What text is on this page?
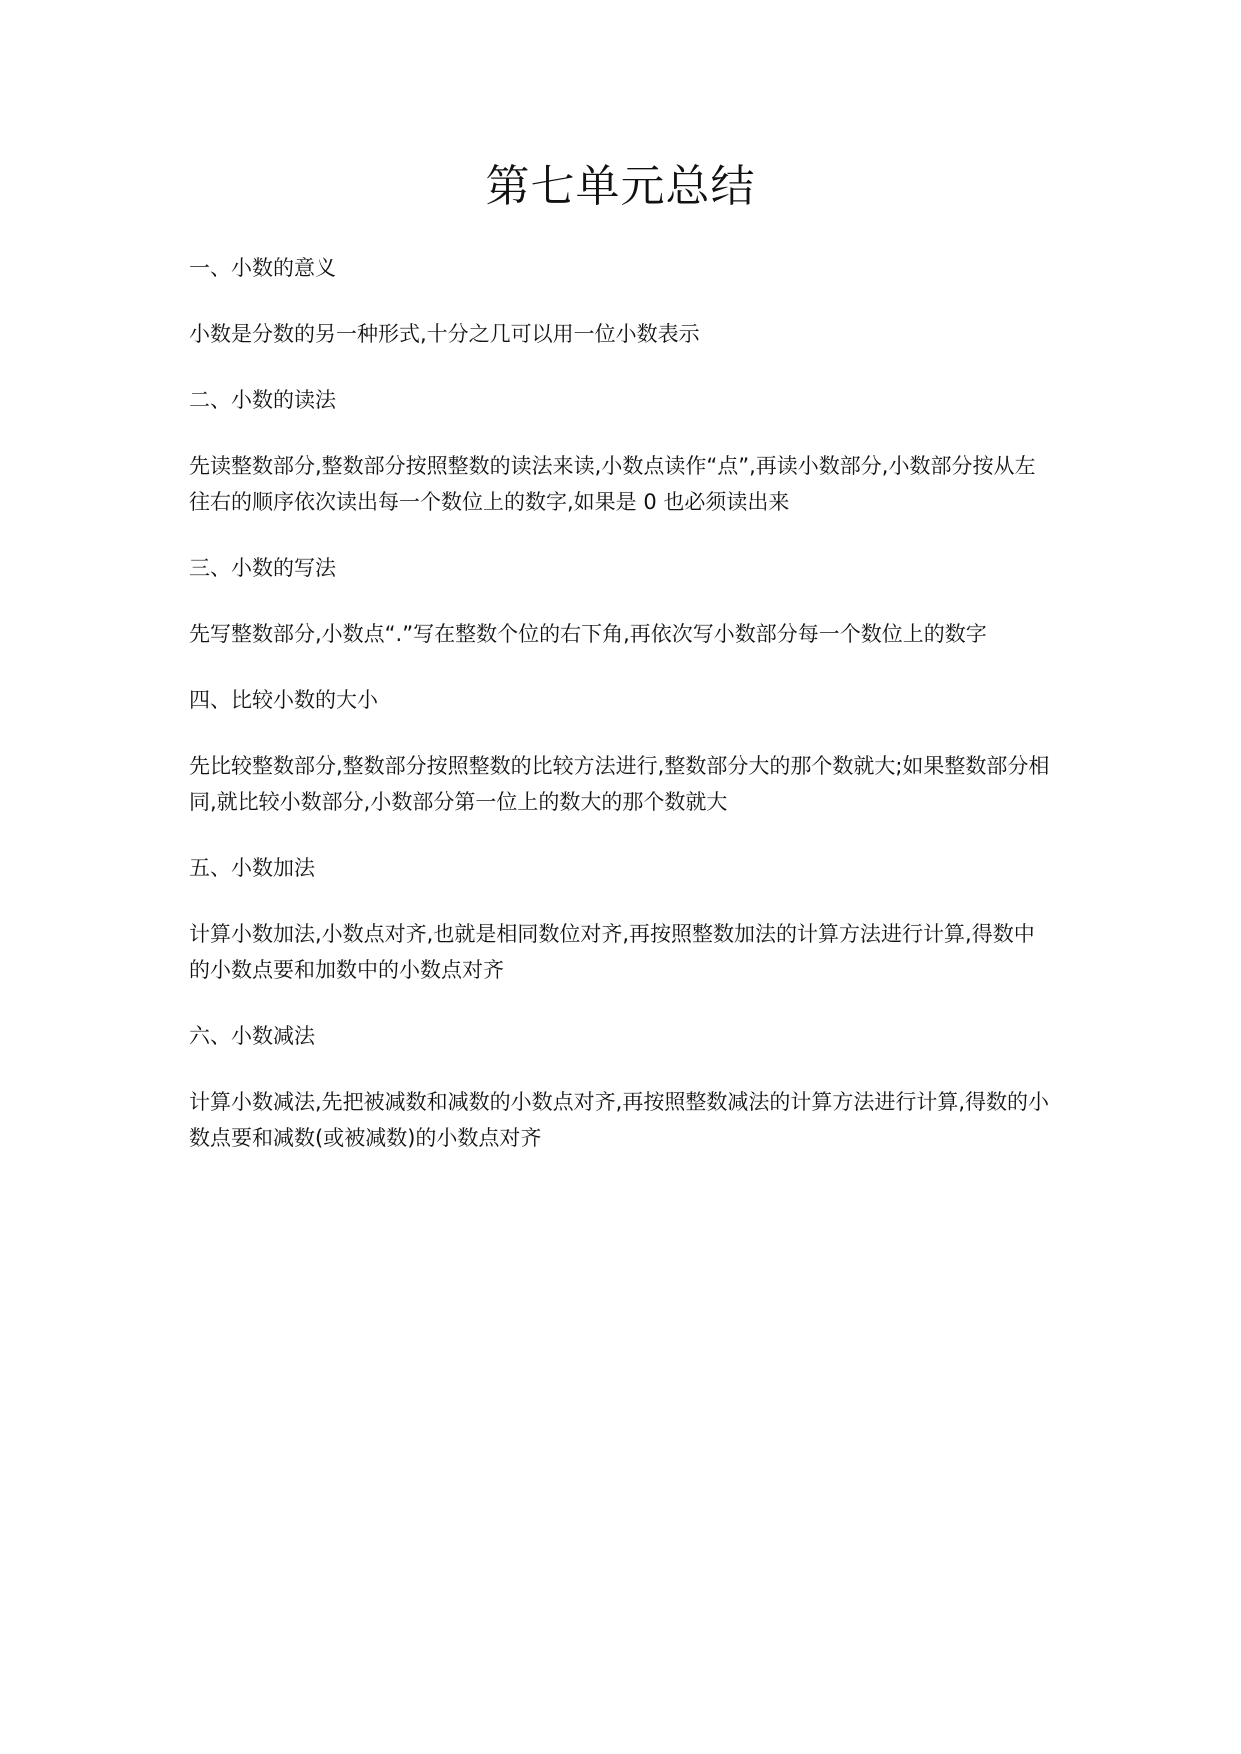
第七单元总结
一、小数的意义
小数是分数的另一种形式,十分之几可以用一位小数表示
二、小数的读法
先读整数部分,整数部分按照整数的读法来读,小数点读作“点”,再读小数部分,小数部分按从左往右的顺序依次读出每一个数位上的数字,如果是 0 也必须读出来
三、小数的写法
先写整数部分,小数点“.”写在整数个位的右下角,再依次写小数部分每一个数位上的数字
四、比较小数的大小
先比较整数部分,整数部分按照整数的比较方法进行,整数部分大的那个数就大;如果整数部分相同,就比较小数部分,小数部分第一位上的数大的那个数就大
五、小数加法
计算小数加法,小数点对齐,也就是相同数位对齐,再按照整数加法的计算方法进行计算,得数中的小数点要和加数中的小数点对齐
六、小数减法
计算小数减法,先把被减数和减数的小数点对齐,再按照整数减法的计算方法进行计算,得数的小数点要和减数(或被减数)的小数点对齐
